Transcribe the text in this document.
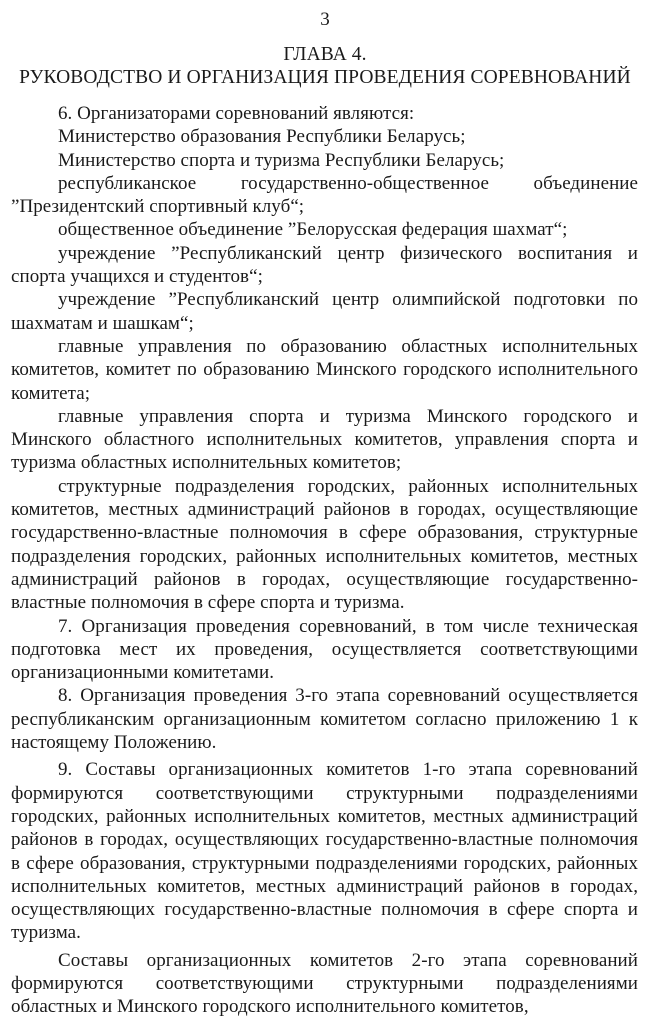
3
ГЛАВА 4.
РУКОВОДСТВО И ОРГАНИЗАЦИЯ ПРОВЕДЕНИЯ СОРЕВНОВАНИЙ

6. Организаторами соревнований являются:

Министерство образования Республики Беларусь;

Министерство спорта и туризма Республики Беларусь;

республиканское государственно-общественное объединение ”Президентский спортивный клуб“;

общественное объединение ”Белорусская федерация шахмат“;

учреждение ”Республиканский центр физического воспитания и спорта учащихся и студентов“;

учреждение ”Республиканский центр олимпийской подготовки по шахматам и шашкам“;

главные управления по образованию областных исполнительных комитетов, комитет по образованию Минского городского исполнительного комитета;

главные управления спорта и туризма Минского городского и Минского областного исполнительных комитетов, управления спорта и туризма областных исполнительных комитетов;

структурные подразделения городских, районных исполнительных комитетов, местных администраций районов в городах, осуществляющие государственно-властные полномочия в сфере образования, структурные подразделения городских, районных исполнительных комитетов, местных администраций районов в городах, осуществляющие государственно-властные полномочия в сфере спорта и туризма.

7. Организация проведения соревнований, в том числе техническая подготовка мест их проведения, осуществляется соответствующими организационными комитетами.

8. Организация проведения 3-го этапа соревнований осуществляется республиканским организационным комитетом согласно приложению 1 к настоящему Положению.

9. Составы организационных комитетов 1-го этапа соревнований формируются соответствующими структурными подразделениями городских, районных исполнительных комитетов, местных администраций районов в городах, осуществляющих государственно-властные полномочия в сфере образования, структурными подразделениями городских, районных исполнительных комитетов, местных администраций районов в городах, осуществляющих государственно-властные полномочия в сфере спорта и туризма.

Составы организационных комитетов 2-го этапа соревнований формируются соответствующими структурными подразделениями областных и Минского городского исполнительного комитетов,
